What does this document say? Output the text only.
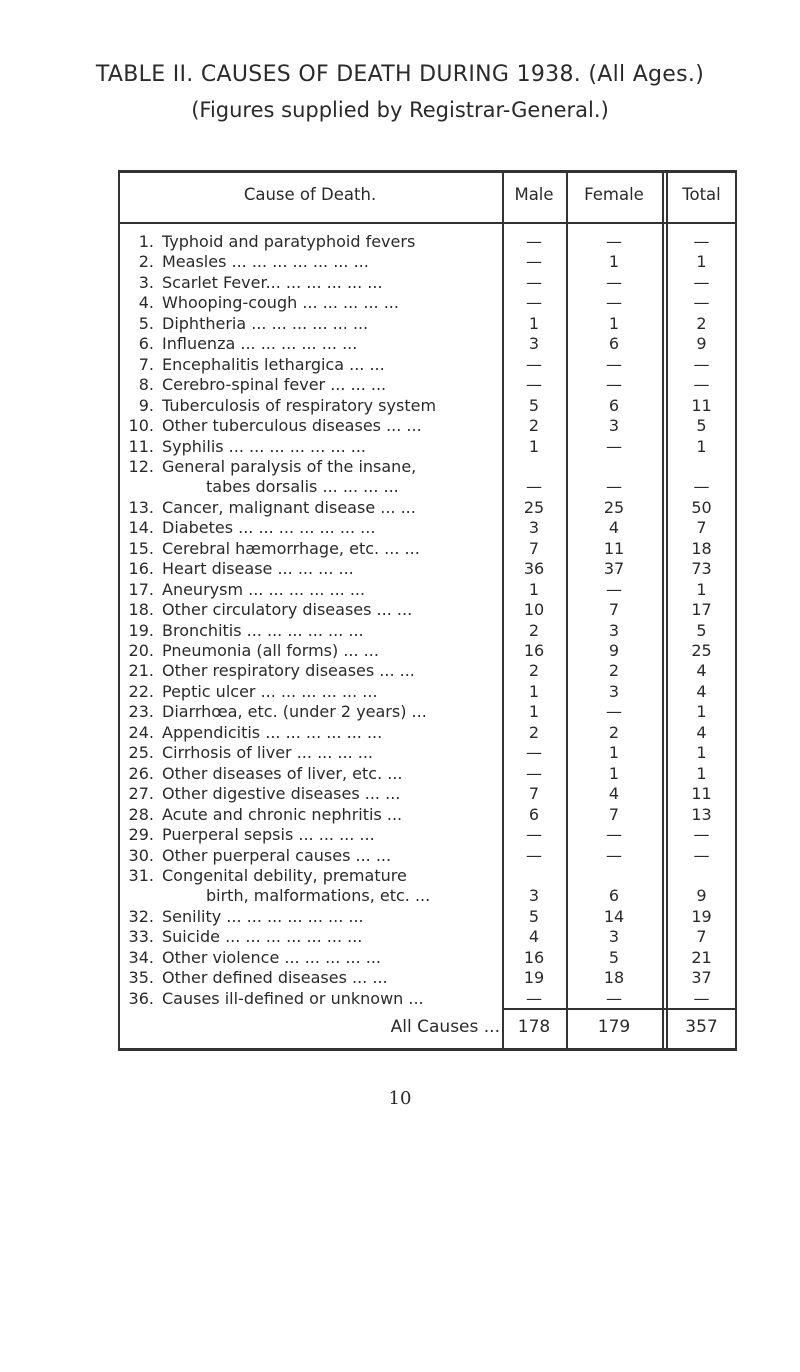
TABLE II. CAUSES OF DEATH DURING 1938. (All Ages.)
(Figures supplied by Registrar-General.)
Cause of Death.	Male	Female	Total
1. Typhoid and paratyphoid fevers	—	—	—
2. Measles ... ... ... ... ... ... ...	—	1	1
3. Scarlet Fever... ... ... ... ... ...	—	—	—
4. Whooping-cough ... ... ... ... ...	—	—	—
5. Diphtheria ... ... ... ... ... ...	1	1	2
6. Influenza ... ... ... ... ... ...	3	6	9
7. Encephalitis lethargica ... ...	—	—	—
8. Cerebro-spinal fever ... ... ...	—	—	—
9. Tuberculosis of respiratory system	5	6	11
10. Other tuberculous diseases ... ...	2	3	5
11. Syphilis ... ... ... ... ... ... ...	1	—	1
12. General paralysis of the insane,
tabes dorsalis ... ... ... ...	—	—	—
13. Cancer, malignant disease ... ...	25	25	50
14. Diabetes ... ... ... ... ... ... ...	3	4	7
15. Cerebral hæmorrhage, etc. ... ...	7	11	18
16. Heart disease ... ... ... ...	36	37	73
17. Aneurysm ... ... ... ... ... ...	1	—	1
18. Other circulatory diseases ... ...	10	7	17
19. Bronchitis ... ... ... ... ... ...	2	3	5
20. Pneumonia (all forms) ... ...	16	9	25
21. Other respiratory diseases ... ...	2	2	4
22. Peptic ulcer ... ... ... ... ... ...	1	3	4
23. Diarrhœa, etc. (under 2 years) ...	1	—	1
24. Appendicitis ... ... ... ... ... ...	2	2	4
25. Cirrhosis of liver ... ... ... ...	—	1	1
26. Other diseases of liver, etc. ...	—	1	1
27. Other digestive diseases ... ...	7	4	11
28. Acute and chronic nephritis ...	6	7	13
29. Puerperal sepsis ... ... ... ...	—	—	—
30. Other puerperal causes ... ...	—	—	—
31. Congenital debility, premature
birth, malformations, etc. ...	3	6	9
32. Senility ... ... ... ... ... ... ...	5	14	19
33. Suicide ... ... ... ... ... ... ...	4	3	7
34. Other violence ... ... ... ... ...	16	5	21
35. Other defined diseases ... ...	19	18	37
36. Causes ill-defined or unknown ...	—	—	—
All Causes ...	178	179	357
10
